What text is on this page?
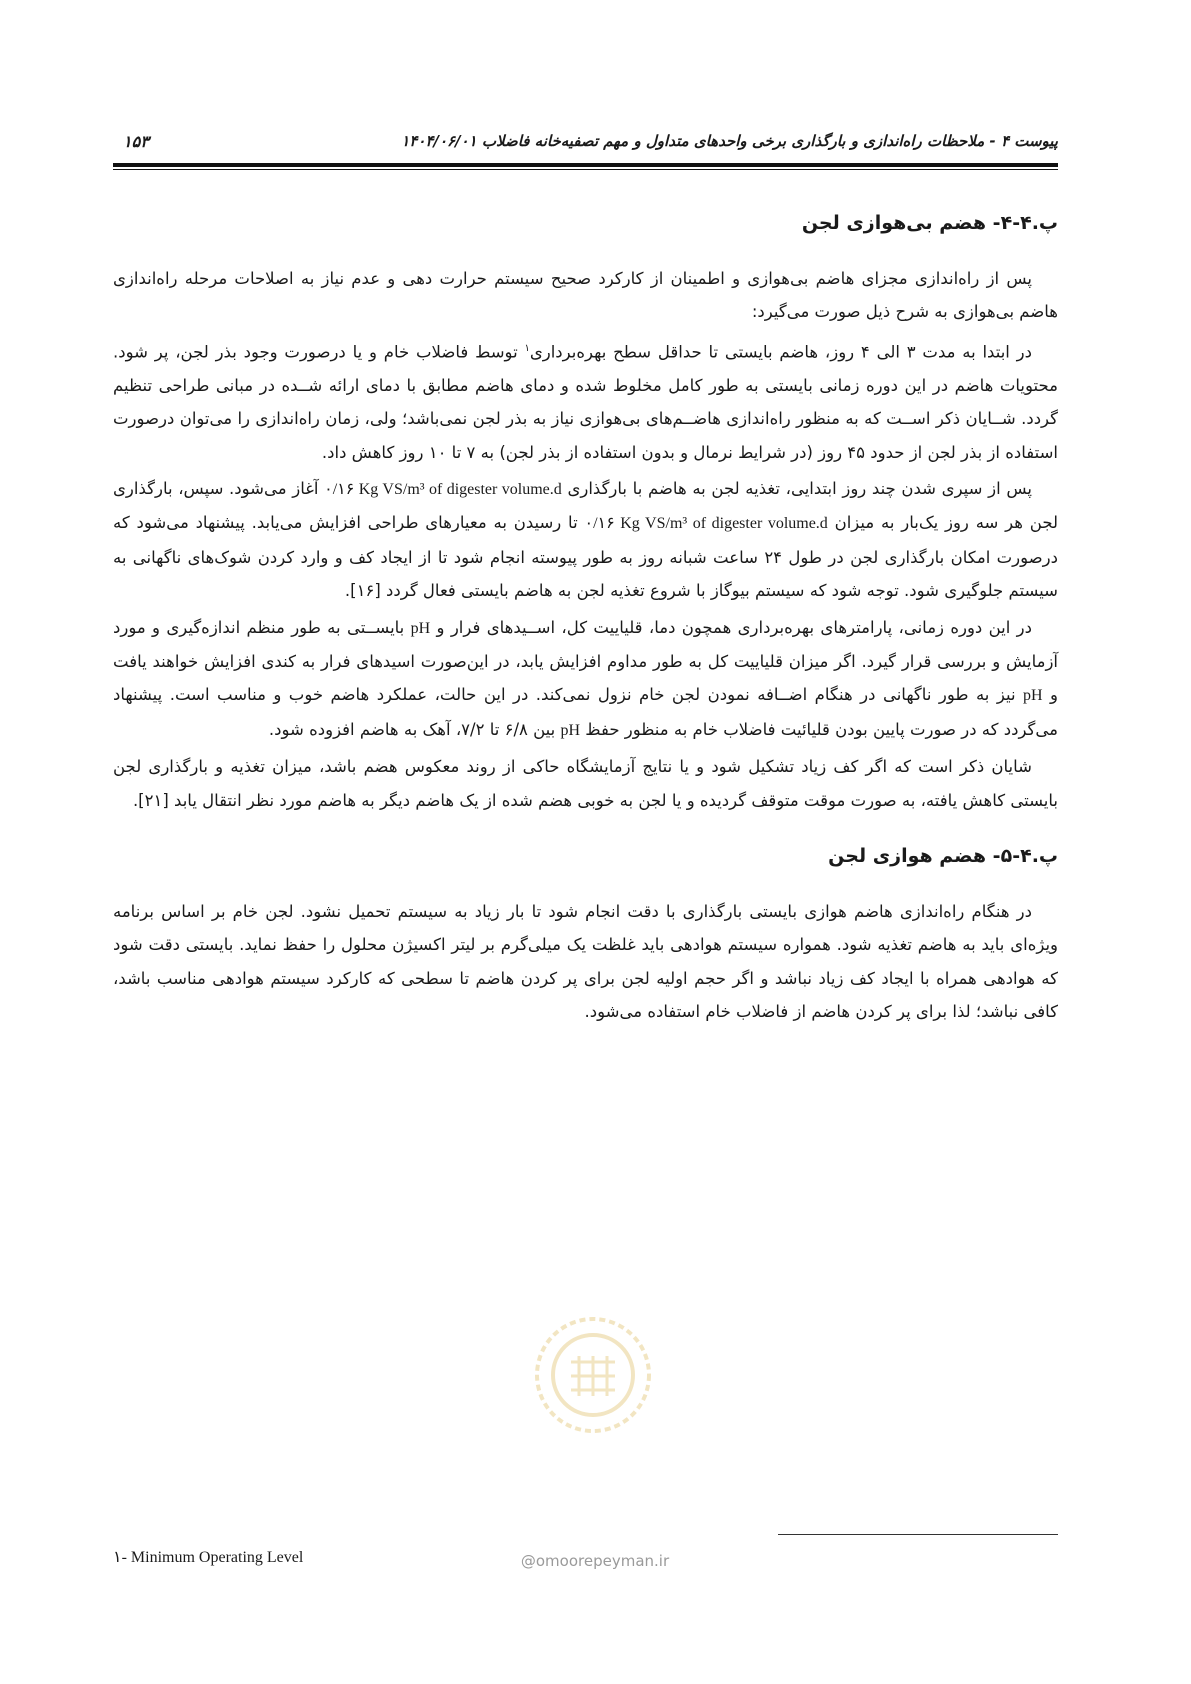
پیوست ۴ - ملاحظات راه‌اندازی و بارگذاری برخی واحدهای متداول و مهم تصفیه‌خانه فاضلاب ۱۴۰۴/۰۶/۰۱
۱۵۳
پ.۴-۴- هضم بی‌هوازی لجن

پس از راه‌اندازی مجزای هاضم بی‌هوازی و اطمینان از کارکرد صحیح سیستم حرارت دهی و عدم نیاز به اصلاحات مرحله راه‌اندازی هاضم بی‌هوازی به شرح ذیل صورت می‌گیرد:

در ابتدا به مدت ۳ الی ۴ روز، هاضم بایستی تا حداقل سطح بهره‌برداری$^۱$ توسط فاضلاب خام و یا درصورت وجود بذر لجن، پر شود. محتویات هاضم در این دوره زمانی بایستی به طور کامل مخلوط شده و دمای هاضم مطابق با دمای ارائه شــده در مبانی طراحی تنظیم گردد. شــایان ذکر اســت که به منظور راه‌اندازی هاضــم‌های بی‌هوازی نیاز به بذر لجن نمی‌باشد؛ ولی، زمان راه‌اندازی را می‌توان درصورت استفاده از بذر لجن از حدود ۴۵ روز (در شرایط نرمال و بدون استفاده از بذر لجن) به ۷ تا ۱۰ روز کاهش داد.

پس از سپری شدن چند روز ابتدایی، تغذیه لجن به هاضم با بارگذاری ۰/۱۶ Kg VS/m³ of digester volume.d آغاز می‌شود. سپس، بارگذاری لجن هر سه روز یک‌بار به میزان ۰/۱۶ Kg VS/m³ of digester volume.d تا رسیدن به معیارهای طراحی افزایش می‌یابد. پیشنهاد می‌شود که درصورت امکان بارگذاری لجن در طول ۲۴ ساعت شبانه روز به طور پیوسته انجام شود تا از ایجاد کف و وارد کردن شوک‌های ناگهانی به سیستم جلوگیری شود. توجه شود که سیستم بیوگاز با شروع تغذیه لجن به هاضم بایستی فعال گردد [۱۶].

در این دوره زمانی، پارامترهای بهره‌برداری همچون دما، قلیاییت کل، اســیدهای فرار و pH بایســتی به طور منظم اندازه‌گیری و مورد آزمایش و بررسی قرار گیرد. اگر میزان قلیاییت کل به طور مداوم افزایش یابد، در این‌صورت اسیدهای فرار به کندی افزایش خواهند یافت و pH نیز به طور ناگهانی در هنگام اضــافه نمودن لجن خام نزول نمی‌کند. در این حالت، عملکرد هاضم خوب و مناسب است. پیشنهاد می‌گردد که در صورت پایین بودن قلیائیت فاضلاب خام به منظور حفظ pH بین ۶/۸ تا ۷/۲، آهک به هاضم افزوده شود.

شایان ذکر است که اگر کف زیاد تشکیل شود و یا نتایج آزمایشگاه حاکی از روند معکوس هضم باشد، میزان تغذیه و بارگذاری لجن بایستی کاهش یافته، به صورت موقت متوقف گردیده و یا لجن به خوبی هضم شده از یک هاضم دیگر به هاضم مورد نظر انتقال یابد [۲۱].

پ.۴-۵- هضم هوازی لجن

در هنگام راه‌اندازی هاضم هوازی بایستی بارگذاری با دقت انجام شود تا بار زیاد به سیستم تحمیل نشود. لجن خام بر اساس برنامه ویژه‌ای باید به هاضم تغذیه شود. همواره سیستم هوادهی باید غلظت یک میلی‌گرم بر لیتر اکسیژن محلول را حفظ نماید. بایستی دقت شود که هوادهی همراه با ایجاد کف زیاد نباشد و اگر حجم اولیه لجن برای پر کردن هاضم تا سطحی که کارکرد سیستم هوادهی مناسب باشد، کافی نباشد؛ لذا برای پر کردن هاضم از فاضلاب خام استفاده می‌شود.

@omoorepeyman.ir
۱- Minimum Operating Level
